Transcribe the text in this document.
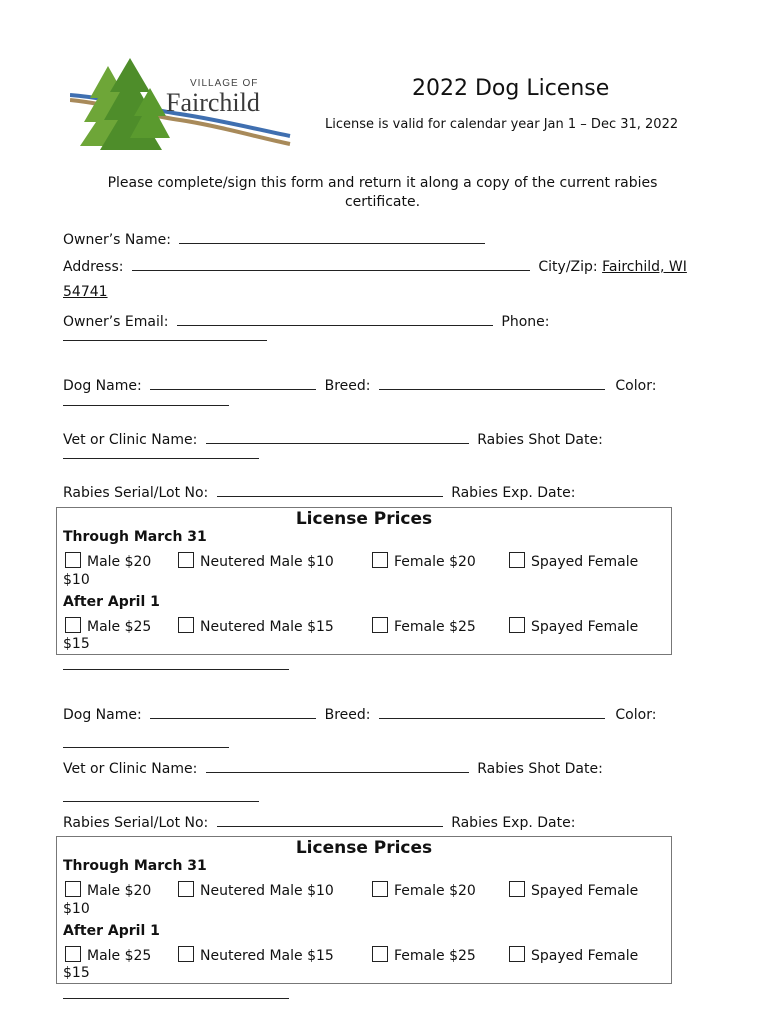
VILLAGE OF
Fairchild	2022 Dog License
License is valid for calendar year Jan 1 – Dec 31, 2022
Please complete/sign this form and return it along a copy of the current rabies certificate.
Owner’s Name:
Address:	City/Zip: Fairchild, WI
54741
Owner’s Email:	Phone:
Dog Name:	Breed:	Color:
Vet or Clinic Name:	Rabies Shot Date:
Rabies Serial/Lot No:	Rabies Exp. Date:
License Prices
Through March 31
Male $20	Neutered Male $10	Female $20	Spayed Female
$10
After April 1
Male $25	Neutered Male $15	Female $25	Spayed Female
$15
Dog Name:	Breed:	Color:
Vet or Clinic Name:	Rabies Shot Date:
Rabies Serial/Lot No:	Rabies Exp. Date:
License Prices
Through March 31
Male $20	Neutered Male $10	Female $20	Spayed Female
$10
After April 1
Male $25	Neutered Male $15	Female $25	Spayed Female
$15
